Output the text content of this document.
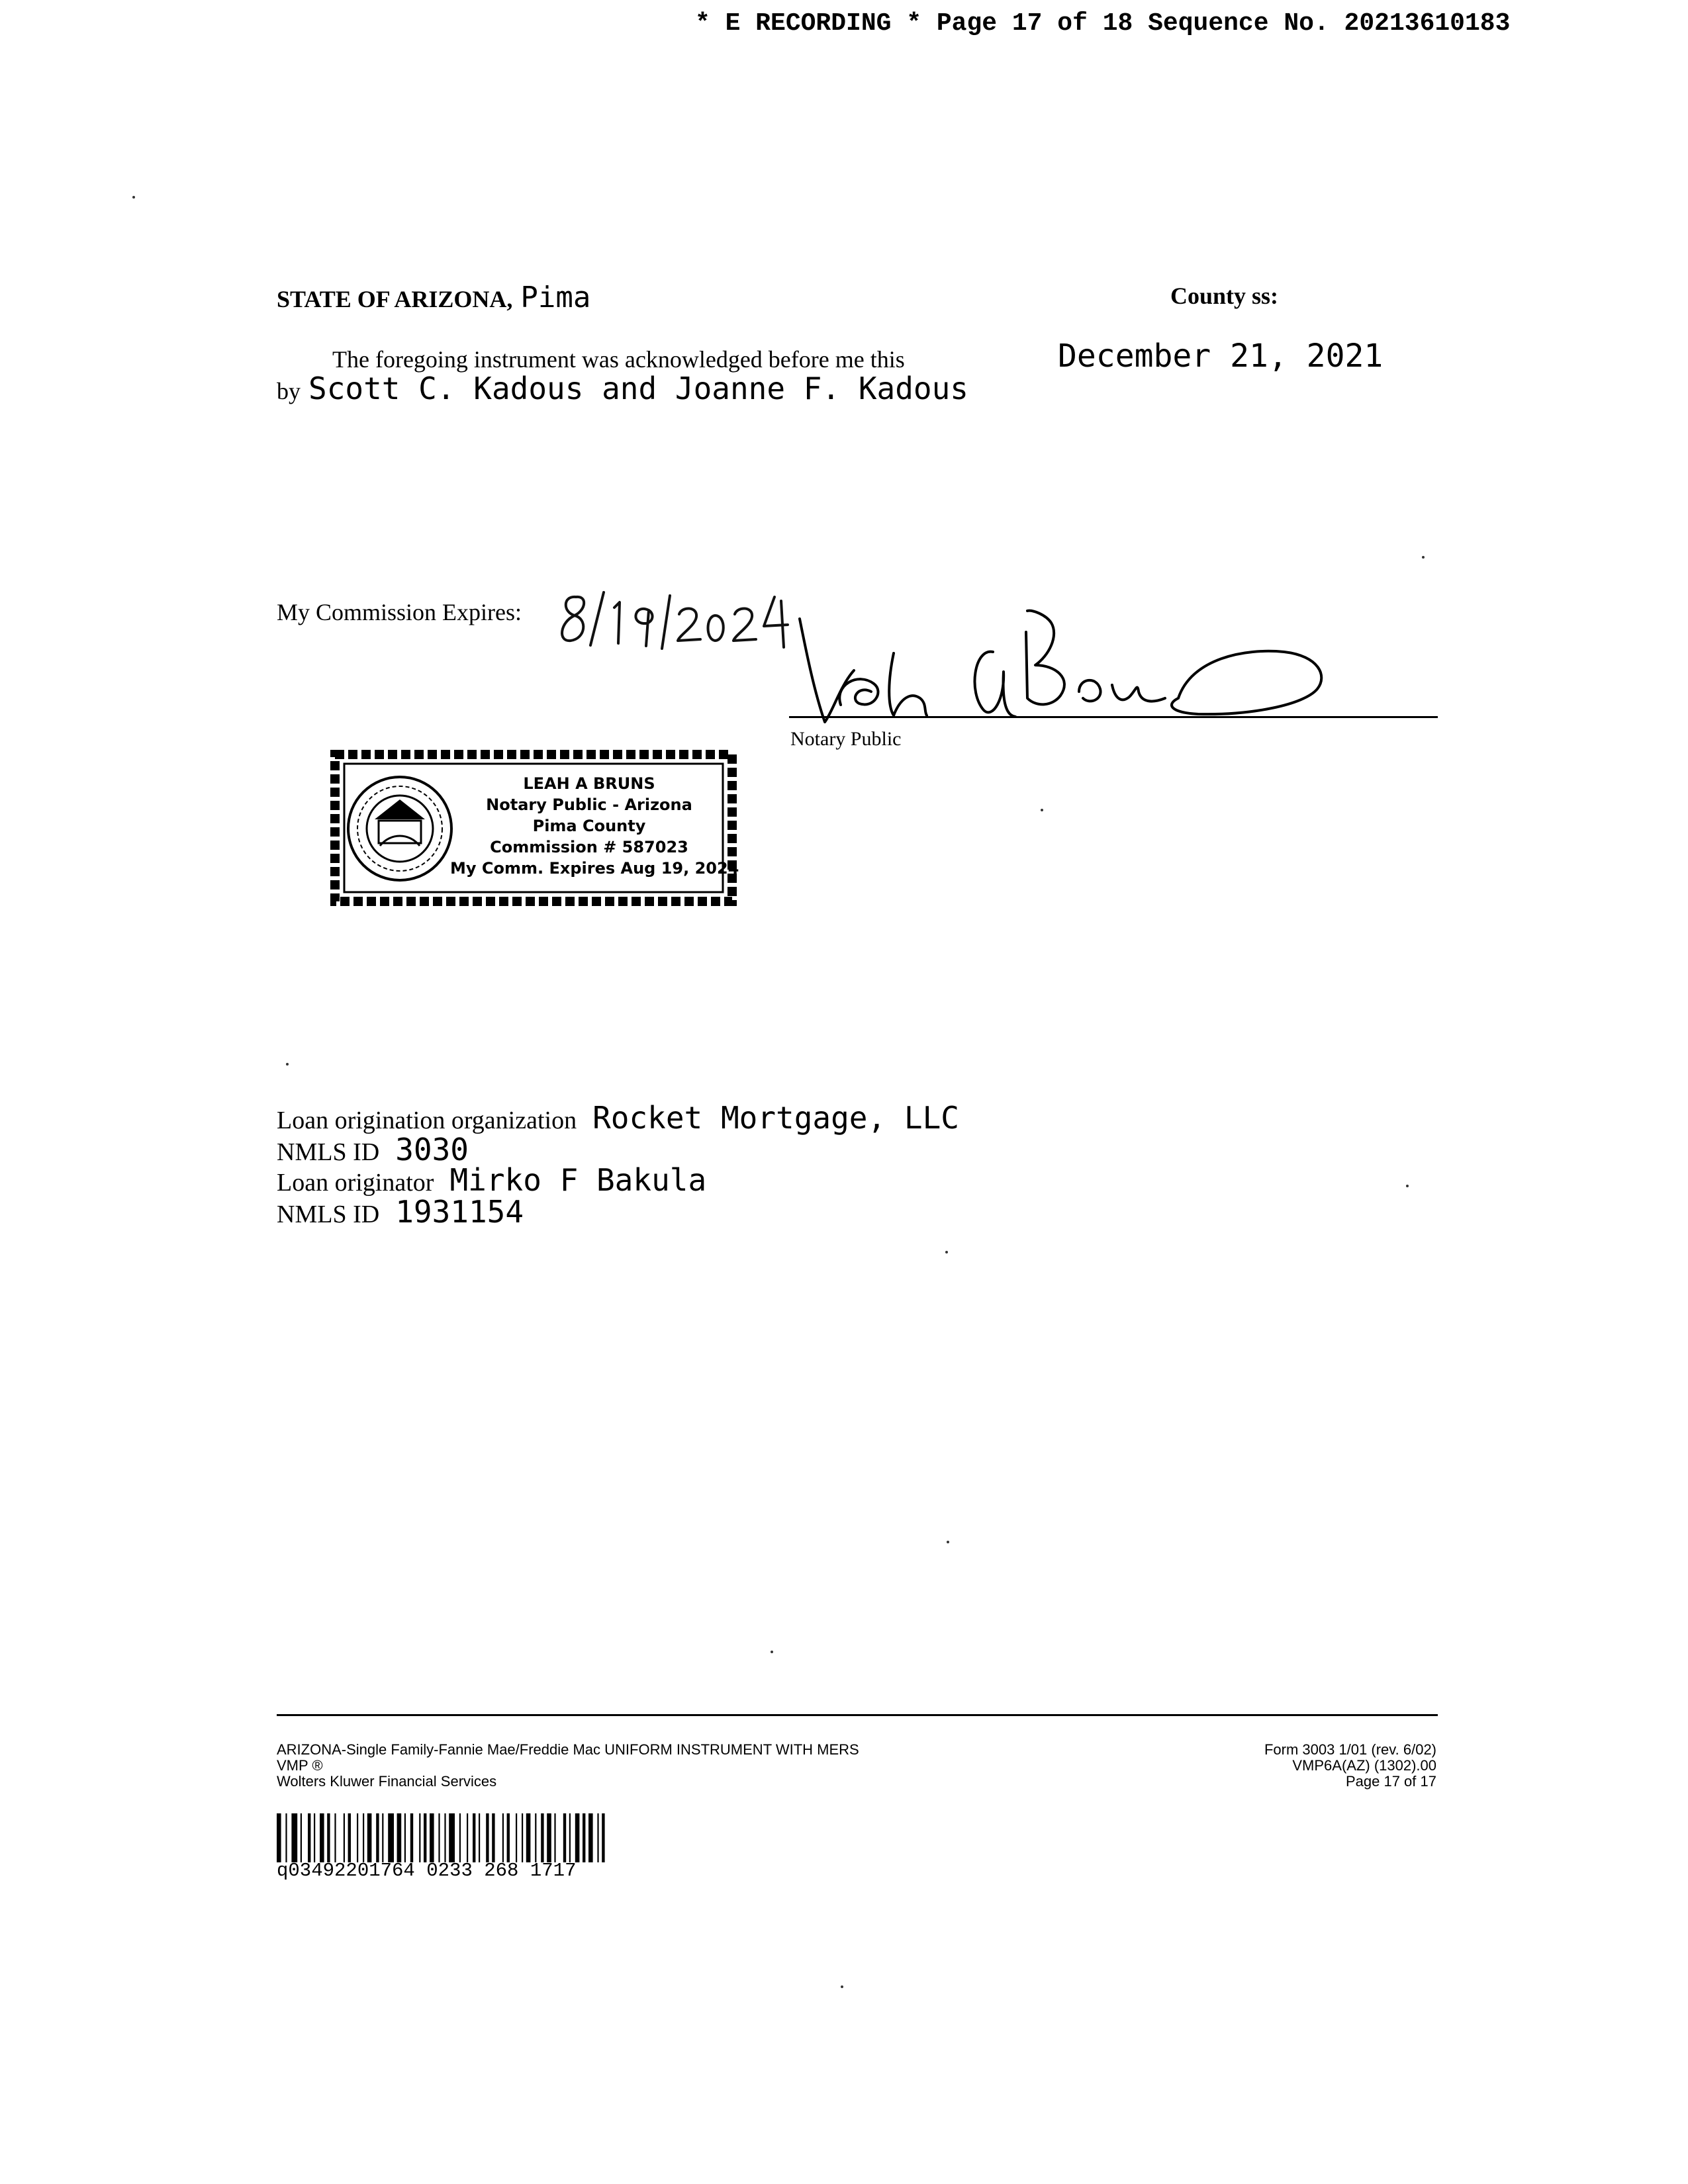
* E RECORDING * Page 17 of 18 Sequence No. 20213610183
STATE OF ARIZONA, Pima	County ss:
The foregoing instrument was acknowledged before me this	December 21, 2021
by Scott C. Kadous and Joanne F. Kadous
My Commission Expires:
Notary Public
LEAH A BRUNS
Notary Public - Arizona
Pima County
Commission # 587023
My Comm. Expires Aug 19, 2024
Loan origination organization Rocket Mortgage, LLC
NMLS ID 3030
Loan originator Mirko F Bakula
NMLS ID 1931154
ARIZONA-Single Family-Fannie Mae/Freddie Mac UNIFORM INSTRUMENT WITH MERS
VMP ®
Wolters Kluwer Financial Services
Form 3003 1/01 (rev. 6/02)
VMP6A(AZ) (1302).00
Page 17 of 17
q03492201764 0233 268 1717
